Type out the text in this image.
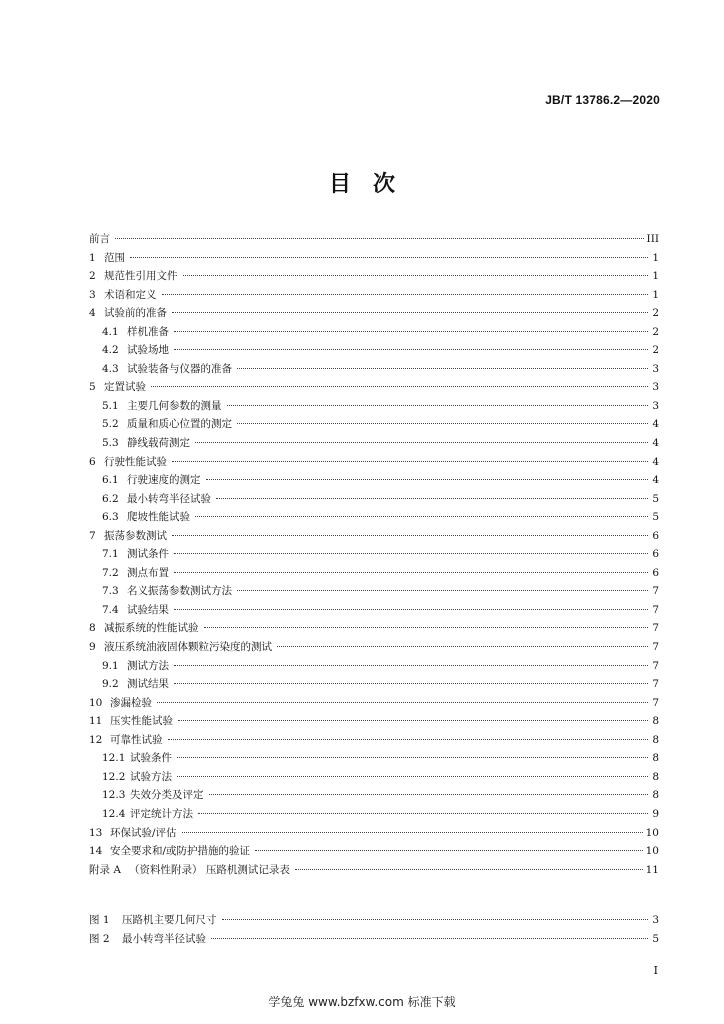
JB/T 13786.2—2020
目　次
前言	III
1 范围	1
2 规范性引用文件	1
3 术语和定义	1
4 试验前的准备	2
4.1 样机准备	2
4.2 试验场地	2
4.3 试验装备与仪器的准备	3
5 定置试验	3
5.1 主要几何参数的测量	3
5.2 质量和质心位置的测定	4
5.3 静线载荷测定	4
6 行驶性能试验	4
6.1 行驶速度的测定	4
6.2 最小转弯半径试验	5
6.3 爬坡性能试验	5
7 振荡参数测试	6
7.1 测试条件	6
7.2 测点布置	6
7.3 名义振荡参数测试方法	7
7.4 试验结果	7
8 减振系统的性能试验	7
9 液压系统油液固体颗粒污染度的测试	7
9.1 测试方法	7
9.2 测试结果	7
10 渗漏检验	7
11 压实性能试验	8
12 可靠性试验	8
12.1 试验条件	8
12.2 试验方法	8
12.3 失效分类及评定	8
12.4 评定统计方法	9
13 环保试验/评估	10
14 安全要求和/或防护措施的验证	10
附录 A （资料性附录） 压路机测试记录表	11
图 1	压路机主要几何尺寸	3
图 2	最小转弯半径试验	5
I
学兔兔 www.bzfxw.com 标准下载
